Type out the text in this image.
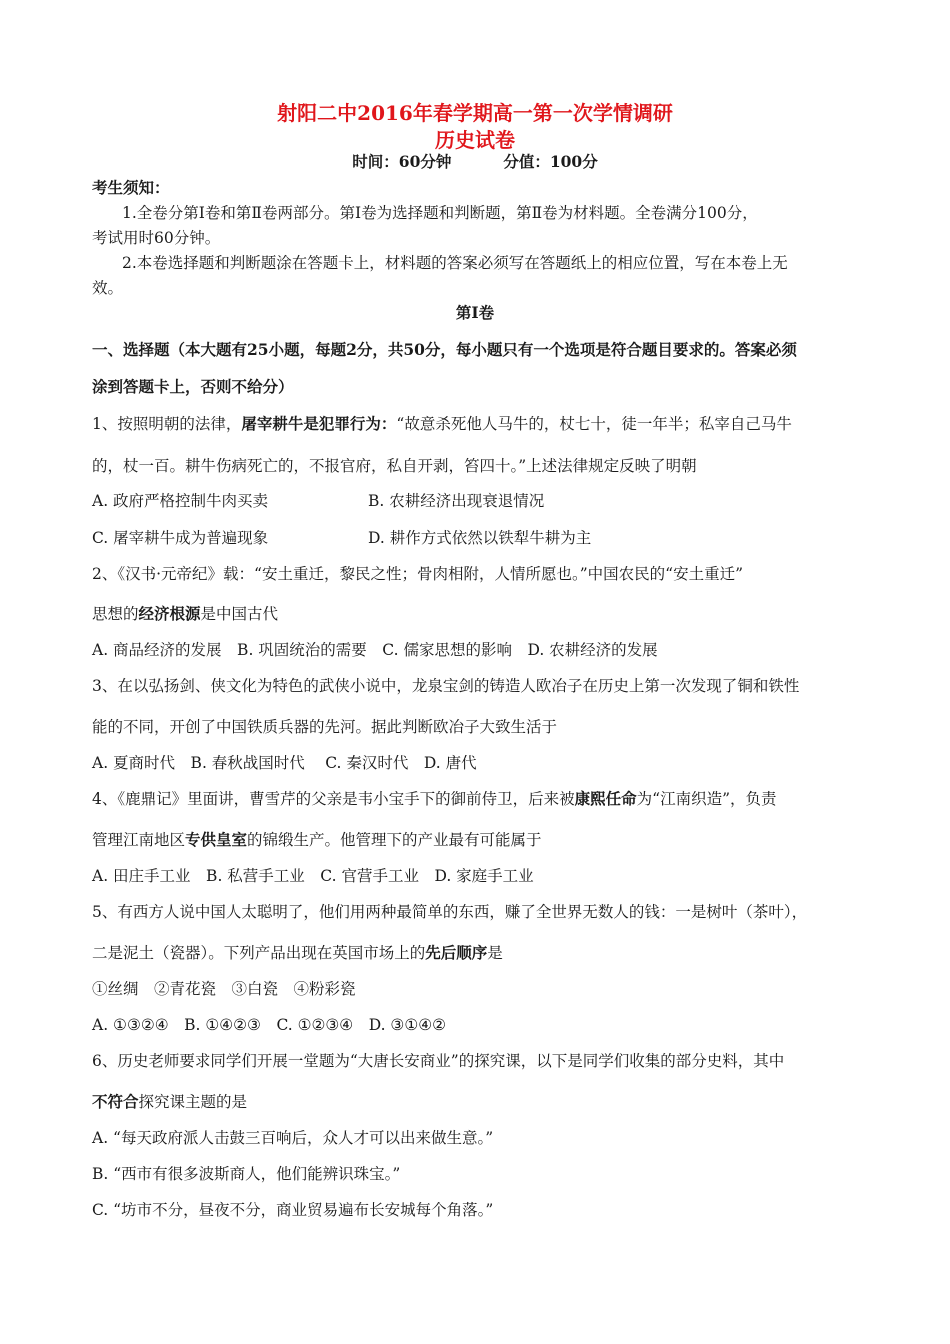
射阳二中2016年春学期高一第一次学情调研
历史试卷
时间：60分钟	分值：100分
考生须知：
1.全卷分第Ⅰ卷和第Ⅱ卷两部分。第Ⅰ卷为选择题和判断题，第Ⅱ卷为材料题。全卷满分100分，
考试用时60分钟。
2.本卷选择题和判断题涂在答题卡上，材料题的答案必须写在答题纸上的相应位置，写在本卷上无
效。
第Ⅰ卷
一、选择题（本大题有25小题，每题2分，共50分，每小题只有一个选项是符合题目要求的。答案必须
涂到答题卡上，否则不给分）
1、按照明朝的法律，屠宰耕牛是犯罪行为：“故意杀死他人马牛的，杖七十，徒一年半；私宰自己马牛
的，杖一百。耕牛伤病死亡的，不报官府，私自开剥，笞四十。”上述法律规定反映了明朝
A. 政府严格控制牛肉买卖	B. 农耕经济出现衰退情况
C. 屠宰耕牛成为普遍现象	D. 耕作方式依然以铁犁牛耕为主
2、《汉书·元帝纪》载：“安土重迁，黎民之性；骨肉相附，人情所愿也。”中国农民的“安土重迁”
思想的经济根源是中国古代
A. 商品经济的发展　B. 巩固统治的需要　C. 儒家思想的影响　D. 农耕经济的发展
3、在以弘扬剑、侠文化为特色的武侠小说中，龙泉宝剑的铸造人欧冶子在历史上第一次发现了铜和铁性
能的不同，开创了中国铁质兵器的先河。据此判断欧冶子大致生活于
A. 夏商时代　B. 春秋战国时代　 C. 秦汉时代　D. 唐代
4、《鹿鼎记》里面讲，曹雪芹的父亲是韦小宝手下的御前侍卫，后来被康熙任命为“江南织造”，负责
管理江南地区专供皇室的锦缎生产。他管理下的产业最有可能属于
A. 田庄手工业　B. 私营手工业　C. 官营手工业　D. 家庭手工业
5、有西方人说中国人太聪明了，他们用两种最简单的东西，赚了全世界无数人的钱：一是树叶（茶叶），
二是泥土（瓷器）。下列产品出现在英国市场上的先后顺序是
①丝绸　②青花瓷　③白瓷　④粉彩瓷
A. ①③②④　B. ①④②③　C. ①②③④　D. ③①④②
6、历史老师要求同学们开展一堂题为“大唐长安商业”的探究课，以下是同学们收集的部分史料，其中
不符合探究课主题的是
A. “每天政府派人击鼓三百响后，众人才可以出来做生意。”
B. “西市有很多波斯商人，他们能辨识珠宝。”
C. “坊市不分，昼夜不分，商业贸易遍布长安城每个角落。”
